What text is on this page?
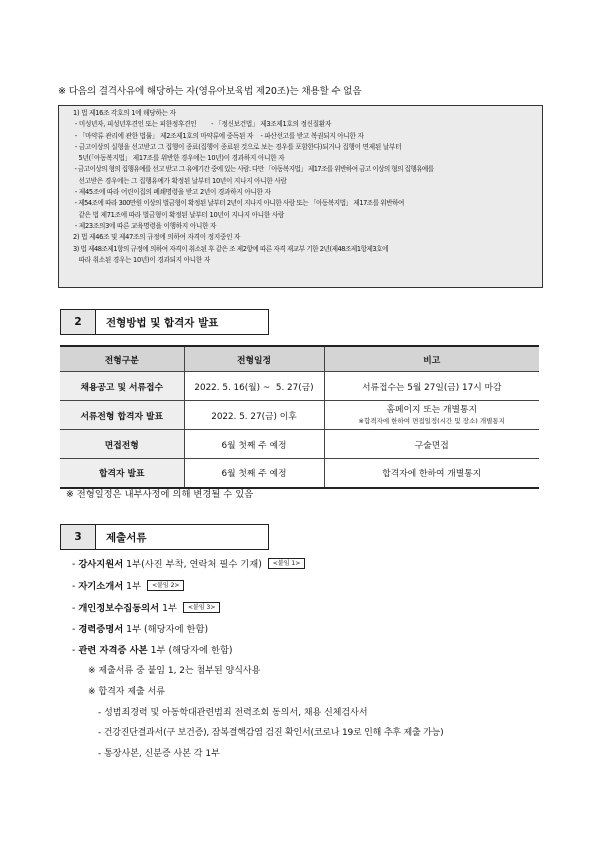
※ 다음의 결격사유에 해당하는 자(영유아보육법 제20조)는 채용할 수 없음
1) 법 제16조 각호의 1에 해당하는 자
- 미성년자, 피성년후견인 또는 피한정후견인        - 「정신보건법」 제3조제1호의 정신질환자
- 「마약류 관리에 관한 법률」 제2조제1호의 마약류에 중독된 자    - 파산선고를 받고 복권되지 아니한 자
- 금고이상의 실형을 선고받고 그 집행이 종료(집행이 종료된 것으로 보는 경우를 포함한다)되거나 집행이 면제된 날부터
5년(「아동복지법」 제17조를 위반한 경우에는 10년)이 경과하지 아니한 자
- 금고이상의 형의 집행유예를 선고 받고 그 유예기간 중에 있는 사람. 다만 「아동복지법」 제17조를 위반하여 금고 이상의 형의 집행유예를
선고받은 경우에는 그 집행유예가 확정된 날부터 10년이 지나지 아니한 사람
- 제45조에 따라 어린이집의 폐쇄명령을 받고 2년이 경과하지 아니한 자
- 제54조에 따라 300만원 이상의 벌금형이 확정된 날부터 2년이 지나지 아니한 사람 또는 「아동복지법」 제17조를 위반하여
같은 법 제71조에 따라 벌금형이 확정된 날부터 10년이 지나지 아니한 사람
- 제23조의3에 따른 교육명령을 이행하지 아니한 자
2) 법 제46조 및 제47조의 규정에 의하여 자격이 정지중인 자
3) 법 제48조제1항의 규정에 의하여 자격이 취소된 후 같은 조 제2항에 따른 자격 재교부 기한 2년(제48조제1항제3호에
따라 취소된 경우는 10년)이 경과되지 아니한 자
2	전형방법 및 합격자 발표
전형구분	전형일정	비고
채용공고 및 서류접수	2022. 5. 16(월) ~  5. 27(금)	서류접수는 5월 27일(금) 17시 마감
서류전형 합격자 발표	2022. 5. 27(금) 이후	홈페이지 또는 개별통지
※합격자에 한하여 면접일정(시간 및 장소) 개별통지

면접전형	6월 첫째 주 예정	구술면접
합격자 발표	6월 첫째 주 예정	합격자에 한하여 개별통지
※ 전형일정은 내부사정에 의해 변경될 수 있음
3	제출서류
- 강사지원서 1부(사진 부착, 연락처 필수 기재) <붙임 1>
- 자기소개서 1부 <붙임 2>
- 개인정보수집동의서 1부 <붙임 3>
- 경력증명서 1부 (해당자에 한함)
- 관련 자격증 사본 1부 (해당자에 한함)
※ 제출서류 중 붙임 1, 2는 첨부된 양식사용
※ 합격자 제출 서류
- 성범죄경력 및 아동학대관련범죄 전력조회 동의서, 채용 신체검사서
- 건강진단결과서(구 보건증), 잠복결핵감염 검진 확인서(코로나 19로 인해 추후 제출 가능)
- 통장사본, 신분증 사본 각 1부
